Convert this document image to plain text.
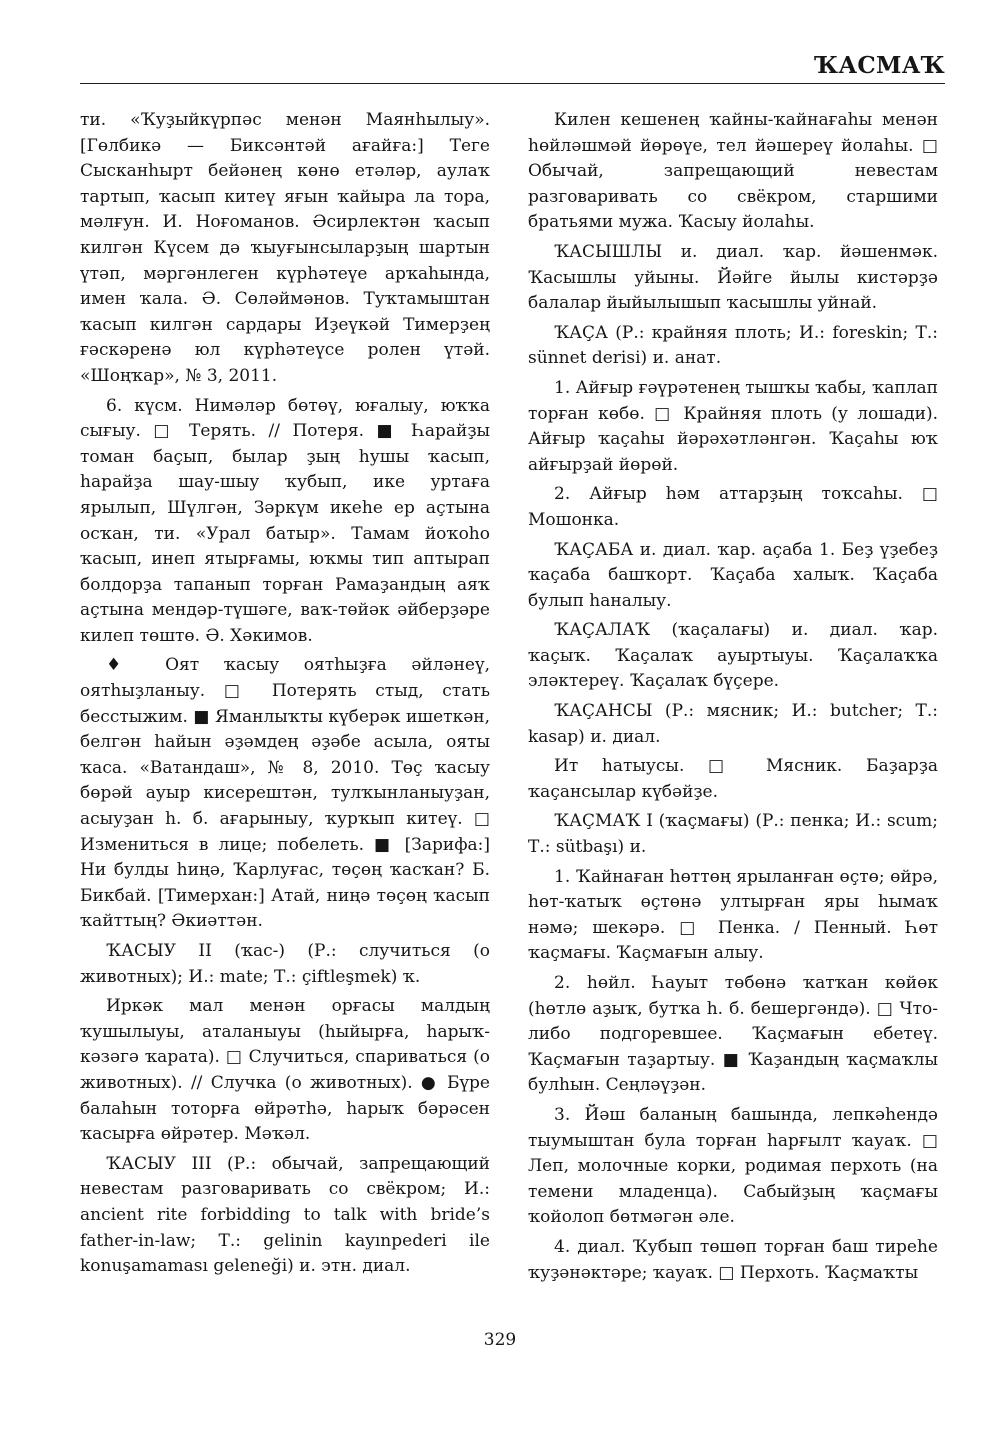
ҠАСМАҠ

ти. «Ҡуҙыйкүрпәс менән Маянһылыу». [Гөлбикә — Биксәнтәй ағайға:] Теге Сысканһырт бейәнең көнө етәләр, аулаҡ тартып, ҡасып китеү яғын ҡайыра ла тора, мәлғун. И. Ноғоманов. Әсирлектән ҡасып килгән Күсем дә ҡыуғынсыларҙың шартын үтәп, мәргәнлеген күрһәтеүе арҡаһында, имен ҡала. Ә. Сөләймәнов. Туҡтамыштан ҡасып килгән сардары Иҙеүкәй Тимерҙең ғәскәренә юл күрһәтеүсе ролен үтәй. «Шоңҡар», № 3, 2011.

6. күсм. Нимәләр бөтөү, юғалыу, юҡҡа сығыу. □ Терять. // Потеря. ■ Һарайҙы томан баҫып, былар ҙың һушы ҡасып, һарайҙа шау-шыу ҡубып, ике уртаға ярылып, Шүлгән, Зәркүм икеһе ер аҫтына осҡан, ти. «Урал батыр». Тамам йоҡоһо ҡасып, инеп ятырғамы, юҡмы тип аптырап болдорҙа тапанып торған Рамаҙандың аяҡ аҫтына мендәр-түшәге, ваҡ-төйәк әйберҙәре килеп төштө. Ә. Хәкимов.

♦ Оят ҡасыу оятһыҙға әйләнеү, оятһыҙланыу. □ Потерять стыд, стать бесстыжим. ■ Яманлыҡты күберәк ишеткән, белгән һайын әҙәмдең әҙәбе асыла, ояты ҡаса. «Ватандаш», № 8, 2010. Төҫ ҡасыу бөрәй ауыр кисерештән, тулҡынланыуҙан, асыуҙан һ. б. ағарыныу, ҡурҡып китеү. □ Измениться в лице; побелеть. ■ [Зарифа:] Ни булды һиңә, Ҡарлуғас, төҫөң ҡасҡан? Б. Бикбай. [Тимерхан:] Атай, ниңә төҫөң ҡасып ҡайттың? Әкиәттән.

ҠАСЫУ II (ҡас-) (Р.: случиться (о животных); И.: mate; Т.: çiftleşmek) ҡ.

Иркәк мал менән орғасы малдың ҡушылыуы, аталаныуы (һыйырға, һарыҡ-кәзәгә ҡарата). □ Случиться, спариваться (о животных). // Случка (о животных). ● Бүре балаһын тоторға өйрәтһә, һарыҡ бәрәсен ҡасырға өйрәтер. Мәҡәл.

ҠАСЫУ III (Р.: обычай, запрещающий невестам разговаривать со свёкром; И.: ancient rite forbidding to talk with bride’s father-in-law; Т.: gelinin kayınpederi ile konuşamaması geleneği) и. этн. диал.

Килен кешенең ҡайны-ҡайнағаһы менән һөйләшмәй йөрөүе, тел йәшереү йолаһы. □ Обычай, запрещающий невестам разговаривать со свёкром, старшими братьями мужа. Ҡасыу йолаһы.

ҠАСЫШЛЫ и. диал. ҡар. йәшенмәк. Ҡасышлы уйыны. Йәйге йылы кистәрҙә балалар йыйылышып ҡасышлы уйнай.

ҠАҪА (Р.: крайняя плоть; И.: foreskin; Т.: sünnet derisi) и. анат.

1. Айғыр ғәүрәтенең тышҡы ҡабы, ҡаплап торған көбө. □ Крайняя плоть (у лошади). Айғыр ҡаҫаһы йәрәхәтләнгән. Ҡаҫаһы юҡ айғырҙай йөрөй.

2. Айғыр һәм аттарҙың тоҡсаһы. □ Мошонка.

ҠАҪАБА и. диал. ҡар. аҫаба 1. Беҙ үҙебеҙ ҡаҫаба башҡорт. Ҡаҫаба халыҡ. Ҡаҫаба булып һаналыу.

ҠАҪАЛАҠ (ҡаҫалағы) и. диал. ҡар. ҡаҫыҡ. Ҡаҫалаҡ ауыртыуы. Ҡаҫалаҡҡа эләктереү. Ҡаҫалаҡ бүҫере.

ҠАҪАНСЫ (Р.: мясник; И.: butcher; Т.: kasap) и. диал.

Ит һатыусы. □ Мясник. Баҙарҙа ҡаҫансылар күбәйҙе.

ҠАҪМАҠ I (ҡаҫмағы) (Р.: пенка; И.: scum; Т.: sütbaşı) и.

1. Ҡайнаған һөттөң ярыланған өҫтө; өйрә, һөт-ҡатыҡ өҫтөнә ултырған яры һымаҡ нәмә; шекәрә. □ Пенка. / Пенный. Һөт ҡаҫмағы. Ҡаҫмағын алыу.

2. һөйл. Һауыт төбөнә ҡатҡан көйөк (һөтлө аҙыҡ, бутҡа һ. б. бешергәндә). □ Что-либо подгоревшее. Ҡаҫмағын ебетеү. Ҡаҫмағын таҙартыу. ■ Ҡаҙандың ҡаҫмаҡлы булһын. Сеңләүҙән.

3. Йәш баланың башында, лепкәһендә тыумыштан була торған һарғылт ҡауаҡ. □ Леп, молочные корки, родимая перхоть (на темени младенца). Сабыйҙың ҡаҫмағы ҡойолоп бөтмәгән әле.

4. диал. Ҡубып төшөп торған баш тиреһе ҡуҙәнәктәре; ҡауаҡ. □ Перхоть. Ҡаҫмаҡты

329
